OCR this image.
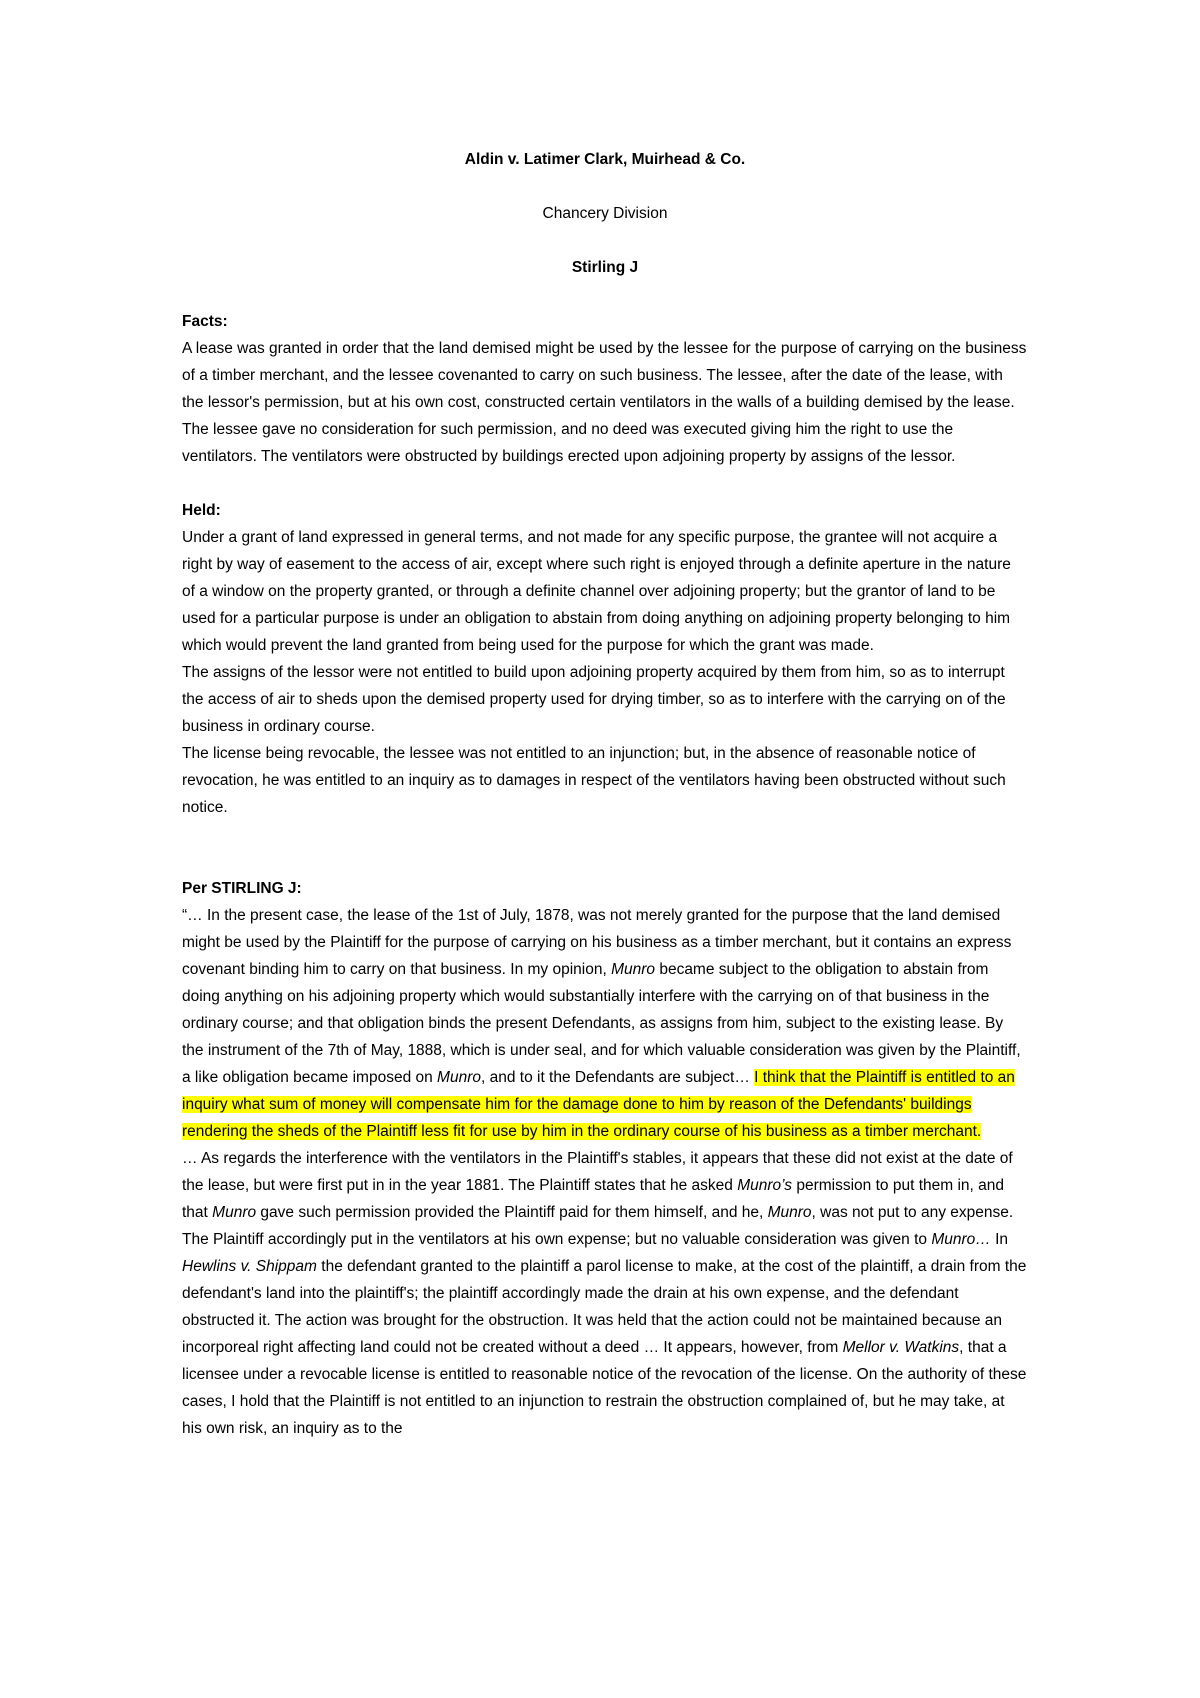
Aldin v. Latimer Clark, Muirhead & Co.

Chancery Division

Stirling J

Facts:

A lease was granted in order that the land demised might be used by the lessee for the purpose of carrying on the business of a timber merchant, and the lessee covenanted to carry on such business. The lessee, after the date of the lease, with the lessor's permission, but at his own cost, constructed certain ventilators in the walls of a building demised by the lease. The lessee gave no consideration for such permission, and no deed was executed giving him the right to use the ventilators. The ventilators were obstructed by buildings erected upon adjoining property by assigns of the lessor.

Held:

Under a grant of land expressed in general terms, and not made for any specific purpose, the grantee will not acquire a right by way of easement to the access of air, except where such right is enjoyed through a definite aperture in the nature of a window on the property granted, or through a definite channel over adjoining property; but the grantor of land to be used for a particular purpose is under an obligation to abstain from doing anything on adjoining property belonging to him which would prevent the land granted from being used for the purpose for which the grant was made.

The assigns of the lessor were not entitled to build upon adjoining property acquired by them from him, so as to interrupt the access of air to sheds upon the demised property used for drying timber, so as to interfere with the carrying on of the business in ordinary course.

The license being revocable, the lessee was not entitled to an injunction; but, in the absence of reasonable notice of revocation, he was entitled to an inquiry as to damages in respect of the ventilators having been obstructed without such notice.

Per STIRLING J:

“… In the present case, the lease of the 1st of July, 1878, was not merely granted for the purpose that the land demised might be used by the Plaintiff for the purpose of carrying on his business as a timber merchant, but it contains an express covenant binding him to carry on that business. In my opinion, Munro became subject to the obligation to abstain from doing anything on his adjoining property which would substantially interfere with the carrying on of that business in the ordinary course; and that obligation binds the present Defendants, as assigns from him, subject to the existing lease. By the instrument of the 7th of May, 1888, which is under seal, and for which valuable consideration was given by the Plaintiff, a like obligation became imposed on Munro, and to it the Defendants are subject… I think that the Plaintiff is entitled to an inquiry what sum of money will compensate him for the damage done to him by reason of the Defendants' buildings rendering the sheds of the Plaintiff less fit for use by him in the ordinary course of his business as a timber merchant.

… As regards the interference with the ventilators in the Plaintiff's stables, it appears that these did not exist at the date of the lease, but were first put in in the year 1881. The Plaintiff states that he asked Munro’s permission to put them in, and that Munro gave such permission provided the Plaintiff paid for them himself, and he, Munro, was not put to any expense. The Plaintiff accordingly put in the ventilators at his own expense; but no valuable consideration was given to Munro… In Hewlins v. Shippam the defendant granted to the plaintiff a parol license to make, at the cost of the plaintiff, a drain from the defendant's land into the plaintiff's; the plaintiff accordingly made the drain at his own expense, and the defendant obstructed it. The action was brought for the obstruction. It was held that the action could not be maintained because an incorporeal right affecting land could not be created without a deed … It appears, however, from Mellor v. Watkins, that a licensee under a revocable license is entitled to reasonable notice of the revocation of the license. On the authority of these cases, I hold that the Plaintiff is not entitled to an injunction to restrain the obstruction complained of, but he may take, at his own risk, an inquiry as to the
